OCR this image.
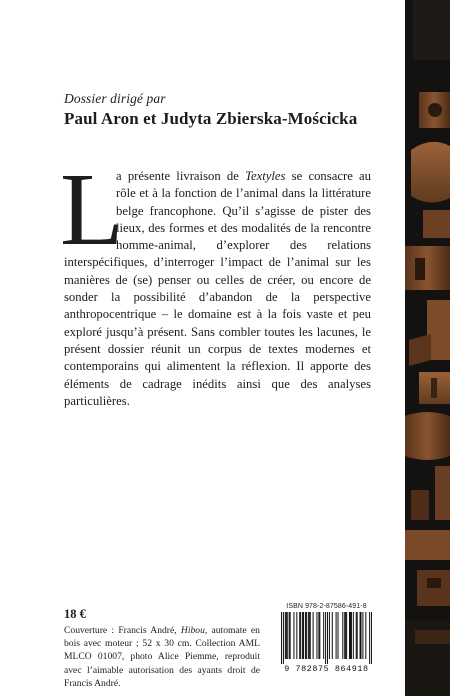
Dossier dirigé par
Paul Aron et Judyta Zbierska-Mościcka
L
a présente livraison de Textyles se consacre au rôle et à la fonction de l’animal dans la littérature belge francophone. Qu’il s’agisse de pister des lieux, des formes et des modalités de la rencontre homme-animal, d’explorer des relations interspécifiques, d’interroger l’impact de l’animal sur les manières de (se) penser ou celles de créer, ou encore de sonder la possibilité d’abandon de la perspective anthropocentrique – le domaine est à la fois vaste et peu exploré jusqu’à présent. Sans combler toutes les lacunes, le présent dossier réunit un corpus de textes modernes et contemporains qui alimentent la réflexion. Il apporte des éléments de cadrage inédits ainsi que des analyses particulières.
18 €
Couverture : Francis André, Hibou, automate en bois avec moteur ; 52 x 30 cm. Collection AML MLCO 01007, photo Alice Piemme, reproduit avec l’aimable autorisation des ayants droit de Francis André.
ISBN 978-2-87586-491-8
9 782875 864918
